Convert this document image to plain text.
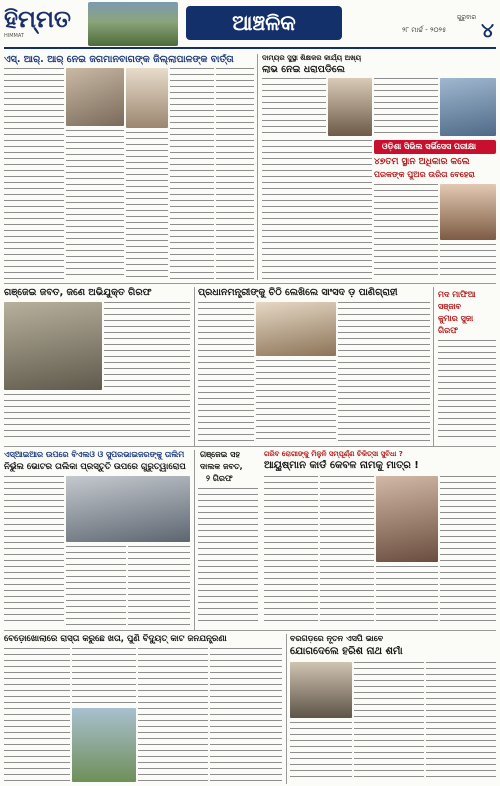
ହିମ୍ମତ
HIMMAT
ଆଞ୍ଚଳିକ	ଗୁରୁବାର
୨୮ ମାର୍ଚ୍ଚ - ୨୦୨୫ ୪
ଏସ୍. ଆର୍. ଆର୍ ନେଇ ଜଗମାନବାଗଙ୍କ ଜିଲ୍ଲାପାଳଙ୍କ ବାର୍ତ୍ତା	ଦାମ୍ୟର ସୁସ୍ଥା ଶିକ୍ଷକର କାର୍ଯ୍ୟ ଅଖ୍ୟ
ଲାଭ ନେଇ ଧରାପଡିଲେ
ଓଡ଼ିଶା ସିଭିଲ ସର୍ଭିସେସ ପରୀକ୍ଷା
୪୭ତମ ସ୍ଥାନ ଅଧିକାର କଲେ
ପରକଙ୍କ ପୁଅର ଉରିତା ବେହେରା
ଗଞ୍ଜେଇ ଜବତ, ଜଣେ ଅଭିଯୁକ୍ତ ଗିରଫ	ପ୍ରଧାନମନ୍ତ୍ରୀଙ୍କୁ ଚିଠି ଲେଖିଲେ ସାଂସଦ ଡ଼ ପାଣିଗ୍ରାହୀ	ମଦ ମାଫିଆ
ସଞ୍ଜାବ
କୁମାର ସୁଜା
ଗିରଫ
ଏସ୍ଆଇଆର ଉପରେ ବିଏଲଓ ଓ ସୁପରଭାଇଜରଙ୍କୁ ତାଲିମ
ନିର୍ଭୁଲ ଭୋଟର ତାଲିକା ପ୍ରସ୍ତୁତି ଉପରେ ଗୁରୁତ୍ୱାରୋପ
ଗଞ୍ଜେଇ ସହ
ଦାଲକ ଜବତ,
୨ ଗିରଫ
ଗରିବ ରୋଗୀଙ୍କୁ ମିଳୁନି ସମ୍ପୂର୍ଣ୍ଣ ଚିକିତ୍ସା ସୁବିଧା ?
ଆୟୁଷ୍ମାନ କାର୍ଡ କେବଳ ନାମକୁ ମାତ୍ର !
ବେଡ଼ୋଖୋଲାରେ ରାସ୍ତା କରୁଛେ ଖତା, ପୁଣି ବିଦ୍ୟୁତ୍‌ କାଟ ଜନଯନ୍ତ୍ରଣା	ବରଗଡ଼ରେ ନୂତନ ଏସପି ଭାବେ
ଯୋଗଦେଲେ ହରିଶ ନାଥ ଶର୍ମା
